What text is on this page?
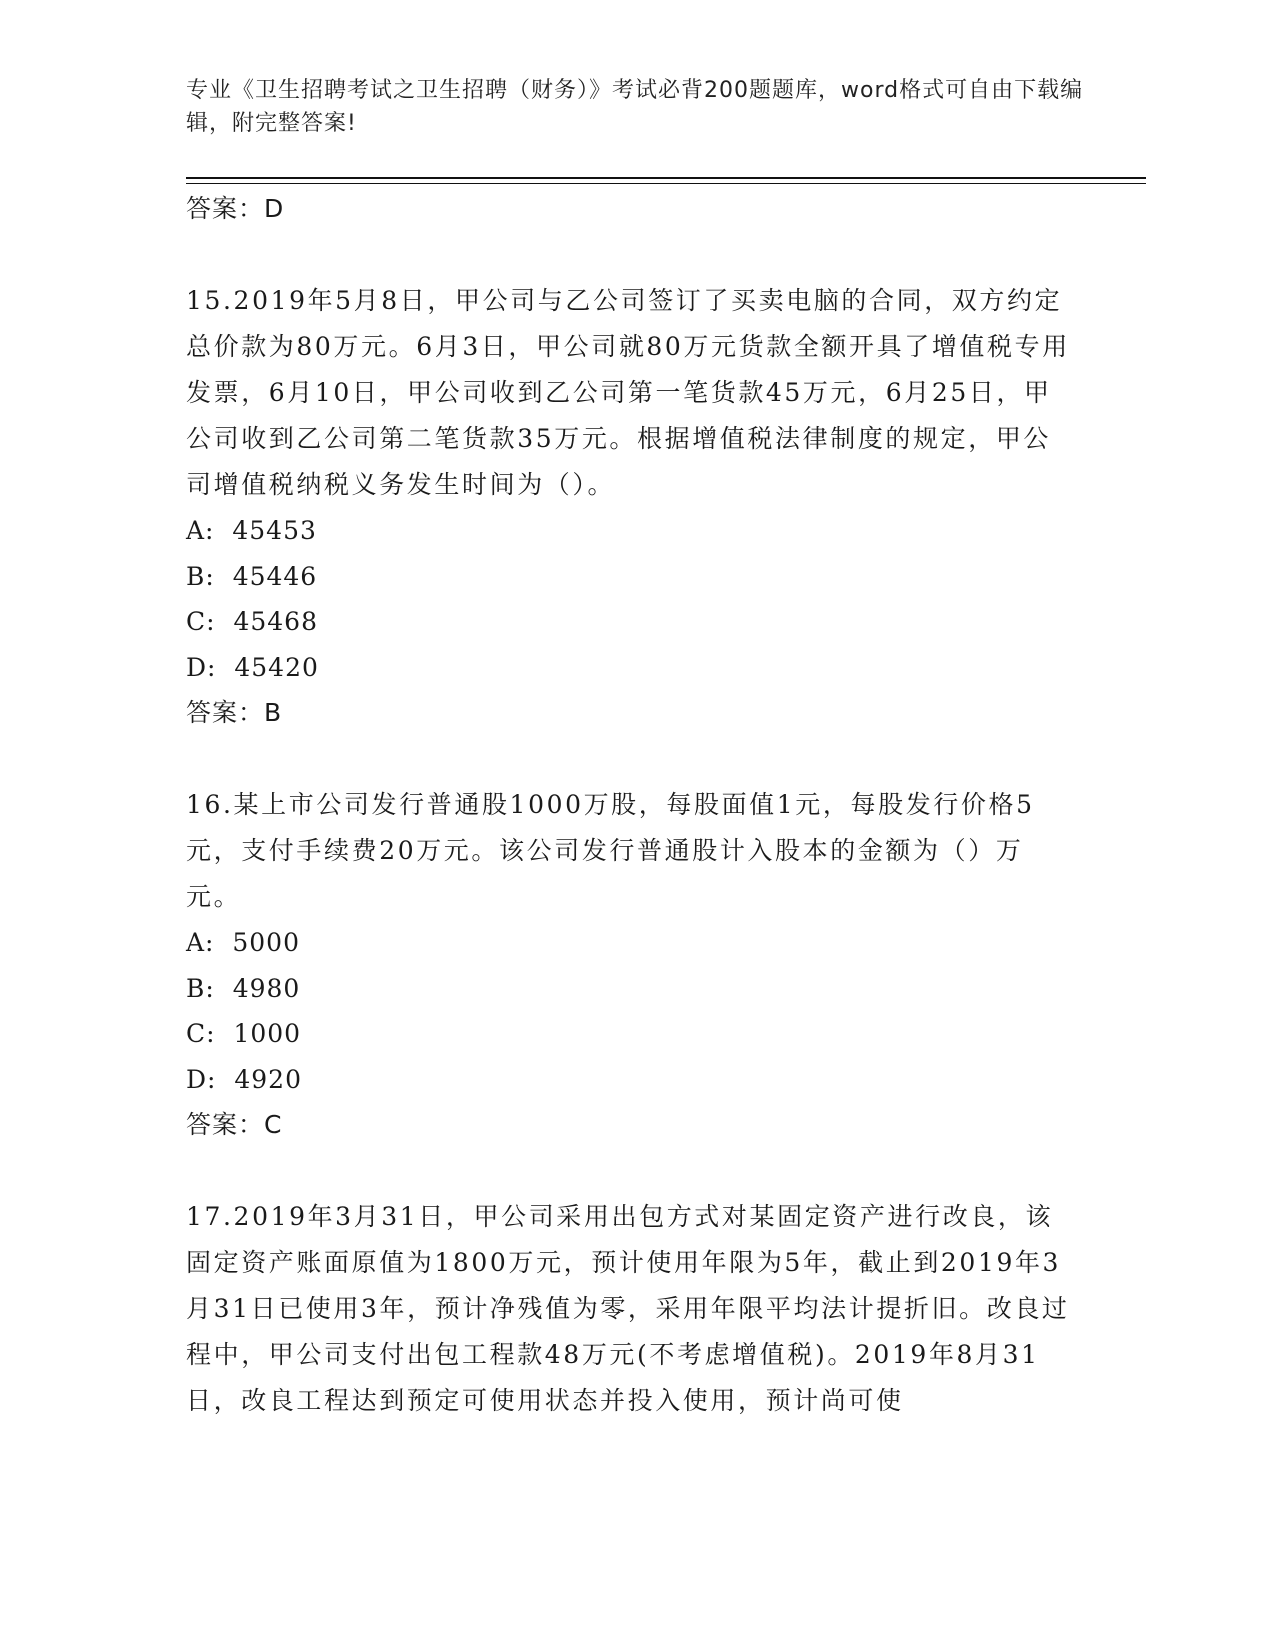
专业《卫生招聘考试之卫生招聘（财务）》考试必背200题题库，word格式可自由下载编辑，附完整答案!

答案：D

15.2019年5月8日，甲公司与乙公司签订了买卖电脑的合同，双方约定总价款为80万元。6月3日，甲公司就80万元货款全额开具了增值税专用发票，6月10日，甲公司收到乙公司第一笔货款45万元，6月25日，甲公司收到乙公司第二笔货款35万元。根据增值税法律制度的规定，甲公司增值税纳税义务发生时间为（）。

A:  45453

B:  45446

C:  45468

D:  45420

答案：B

16.某上市公司发行普通股1000万股，每股面值1元，每股发行价格5元，支付手续费20万元。该公司发行普通股计入股本的金额为（）万元。

A:  5000

B:  4980

C:  1000

D:  4920

答案：C

17.2019年3月31日，甲公司采用出包方式对某固定资产进行改良，该固定资产账面原值为1800万元，预计使用年限为5年，截止到2019年3月31日已使用3年，预计净残值为零，采用年限平均法计提折旧。改良过程中，甲公司支付出包工程款48万元(不考虑增值税)。2019年8月31日，改良工程达到预定可使用状态并投入使用，预计尚可使
